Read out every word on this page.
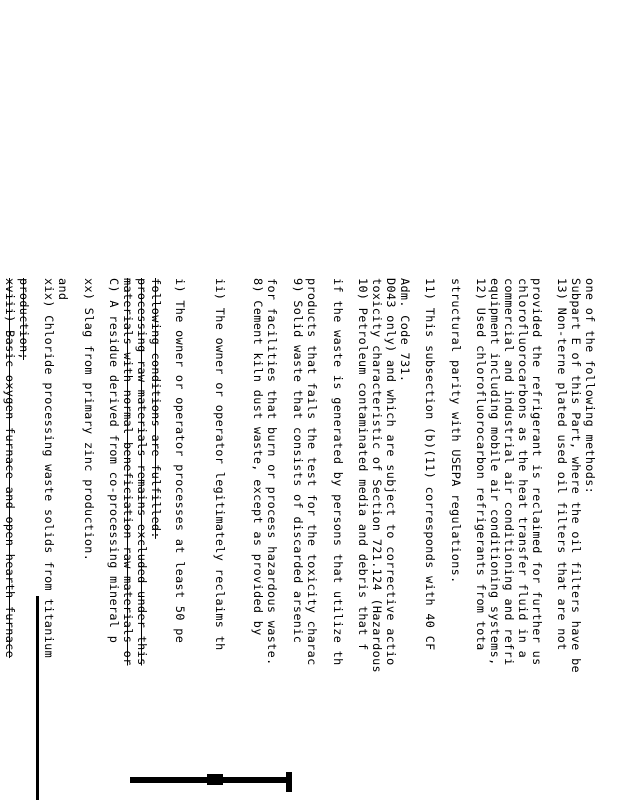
xviii) Basic oxygen furnace and open hearth furnace production; xix) Chloride processing waste solids from titanium and xx) Slag from primary zinc production. C) A residue derived from co-processing mineral p materials with normal beneficiation raw materials or processing raw materials remains excluded under this following conditions are fulfilled: i) The owner or operator processes at least 50 pe ii) The owner or operator legitimately reclaims th 8) Cement kiln dust waste, except as provided by for facilities that burn or process hazardous waste. 9) Solid waste that consists of discarded arsenic products that fails the test for the toxicity charac if the waste is generated by persons that utilize th 10) Petroleum contaminated media and debris that f toxicity characteristic of Section 721.124 (Hazardous D043 only) and which are subject to corrective actio Adm. Code 731. 11) This subsection (b)(11) corresponds with 40 CF structural parity with USEPA regulations. 12) Used chlorofluorocarbon refrigerants from tota equipment including mobile air conditioning systems, commercial and industrial air conditioning and refri chlorofluorocarbons as the heat transfer fluid in a provided the refrigerant is reclaimed for further us 13) Non-terne plated used oil filters that are not Subpart E of this Part, where the oil filters have be one of the following methods:
